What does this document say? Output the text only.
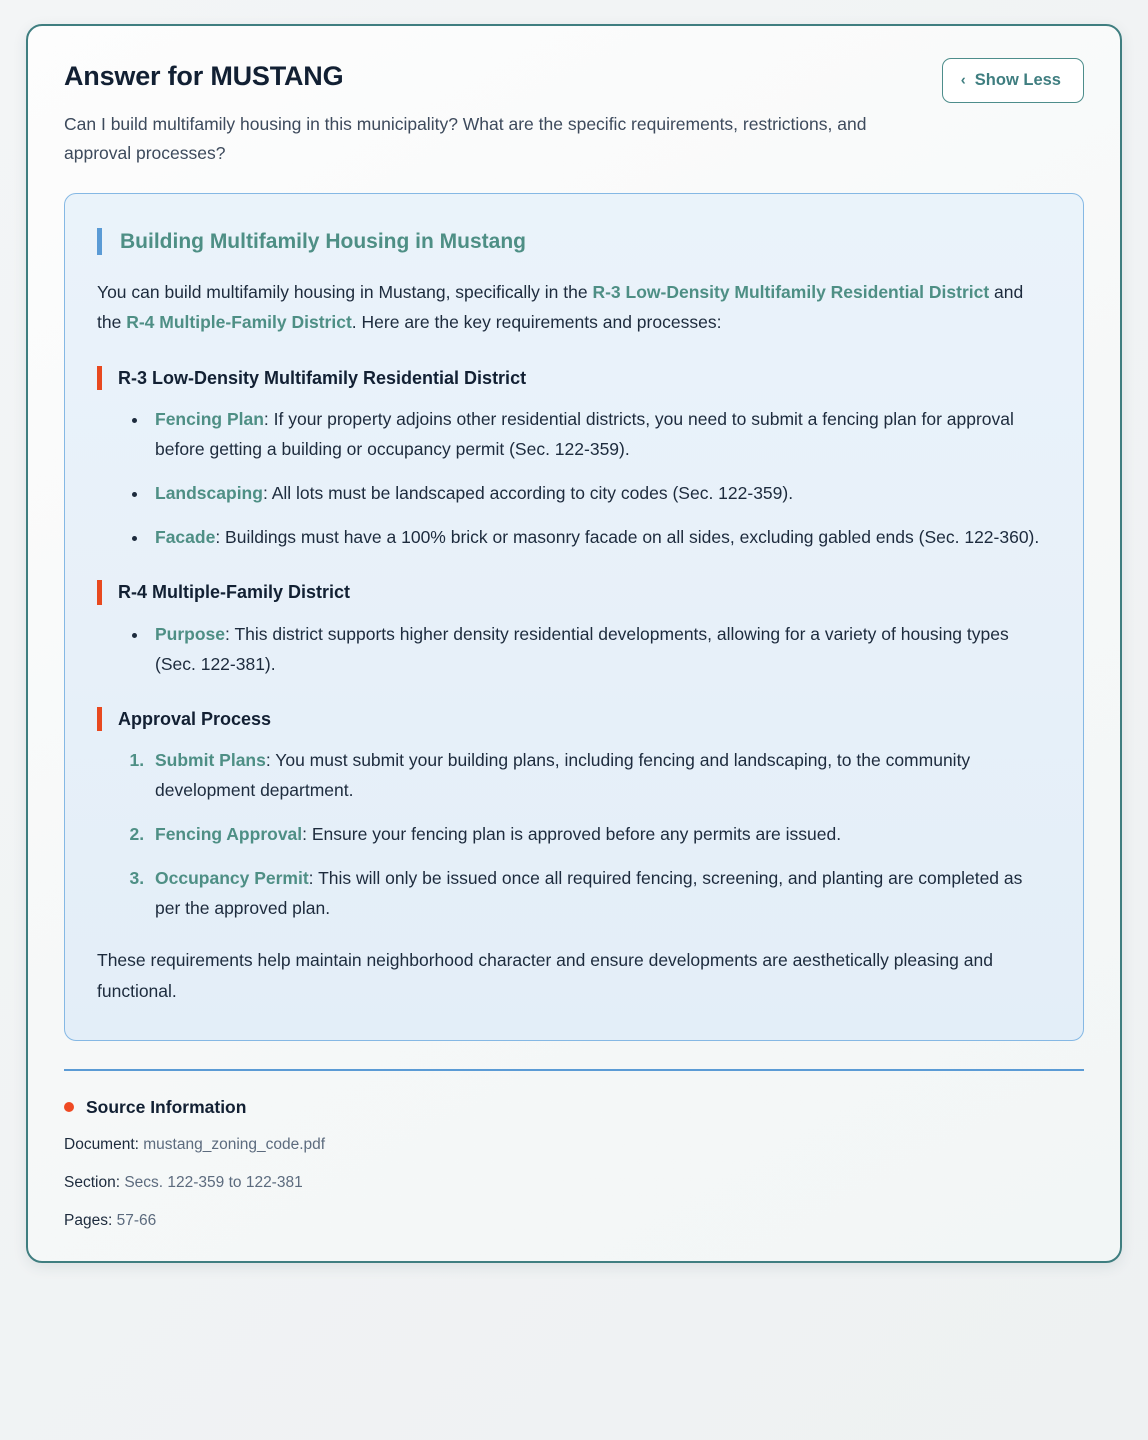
Answer for MUSTANG	‹ Show Less

Can I build multifamily housing in this municipality? What are the specific requirements, restrictions, and approval processes?

Building Multifamily Housing in Mustang

You can build multifamily housing in Mustang, specifically in the R-3 Low-Density Multifamily Residential District and the R-4 Multiple-Family District. Here are the key requirements and processes:

R-3 Low-Density Multifamily Residential District
• Fencing Plan: If your property adjoins other residential districts, you need to submit a fencing plan for approval before getting a building or occupancy permit (Sec. 122-359).
• Landscaping: All lots must be landscaped according to city codes (Sec. 122-359).
• Facade: Buildings must have a 100% brick or masonry facade on all sides, excluding gabled ends (Sec. 122-360).
R-4 Multiple-Family District
• Purpose: This district supports higher density residential developments, allowing for a variety of housing types (Sec. 122-381).
Approval Process
1. Submit Plans: You must submit your building plans, including fencing and landscaping, to the community development department.
2. Fencing Approval: Ensure your fencing plan is approved before any permits are issued.
3. Occupancy Permit: This will only be issued once all required fencing, screening, and planting are completed as per the approved plan.

These requirements help maintain neighborhood character and ensure developments are aesthetically pleasing and functional.

Source Information
Document: mustang_zoning_code.pdf
Section: Secs. 122-359 to 122-381
Pages: 57-66
